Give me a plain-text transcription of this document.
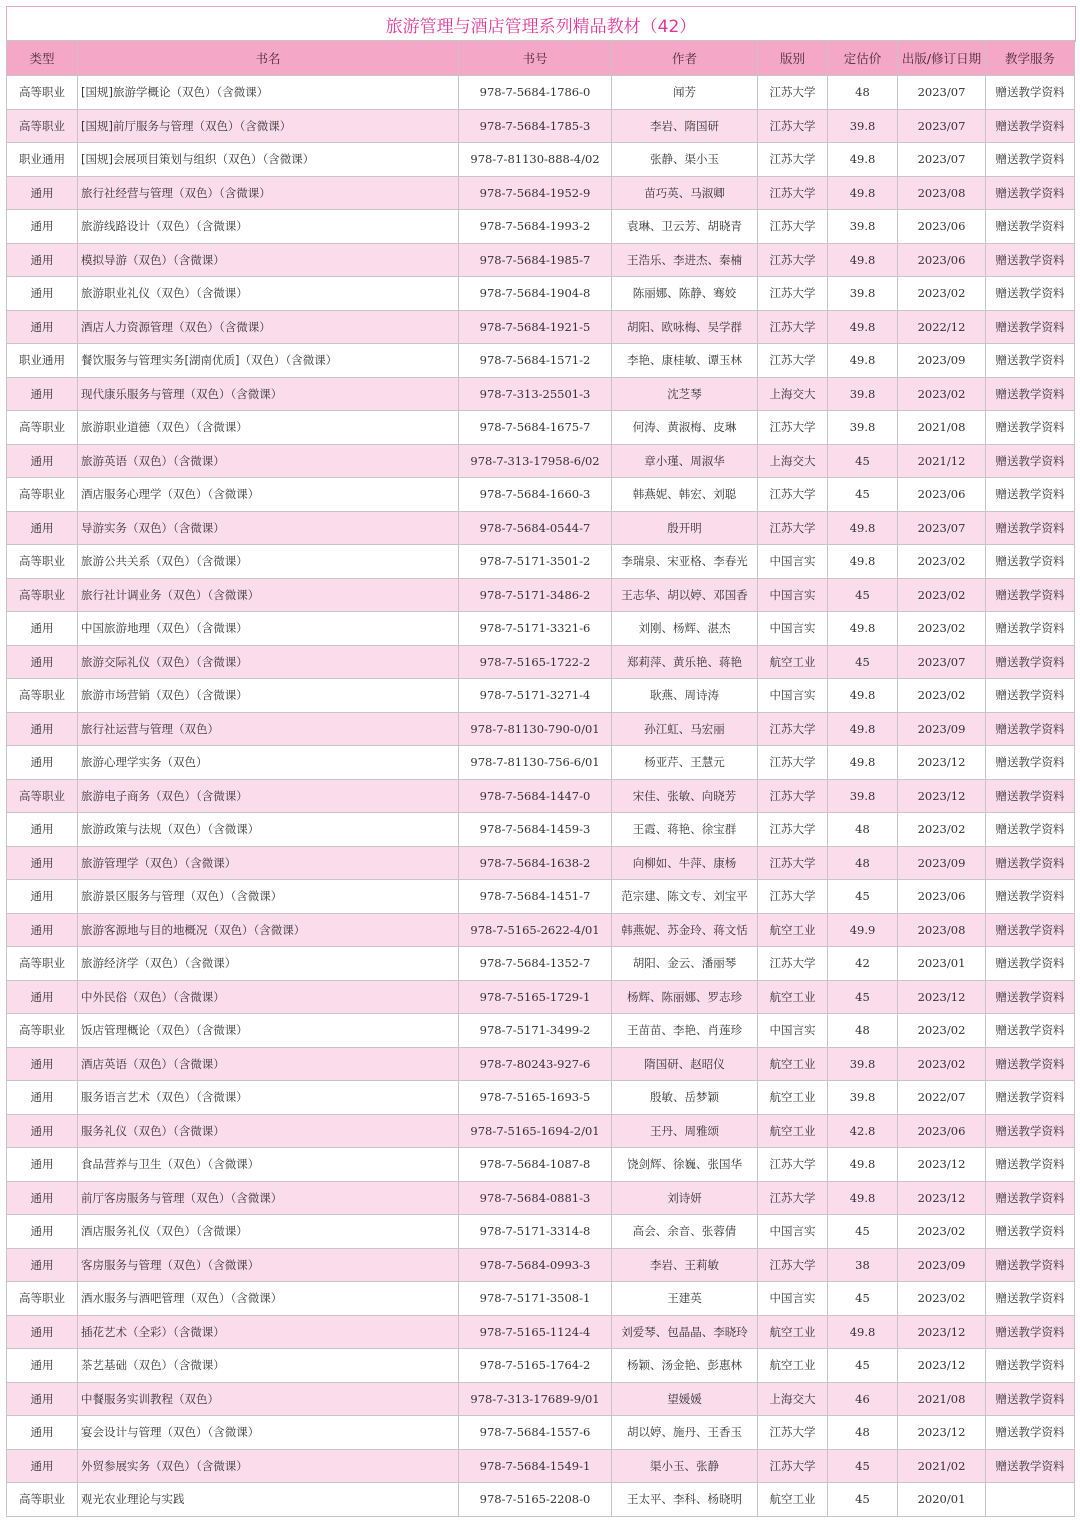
旅游管理与酒店管理系列精品教材（42）
类型	书名	书号	作者	版别	定估价	出版/修订日期	教学服务
高等职业	[国规]旅游学概论（双色）（含微课）	978-7-5684-1786-0	闻芳	江苏大学	48	2023/07	赠送教学资料
高等职业	[国规]前厅服务与管理（双色）（含微课）	978-7-5684-1785-3	李岩、隋国研	江苏大学	39.8	2023/07	赠送教学资料
职业通用	[国规]会展项目策划与组织（双色）（含微课）	978-7-81130-888-4/02	张静、渠小玉	江苏大学	49.8	2023/07	赠送教学资料
通用	旅行社经营与管理（双色）（含微课）	978-7-5684-1952-9	苗巧英、马淑卿	江苏大学	49.8	2023/08	赠送教学资料
通用	旅游线路设计（双色）（含微课）	978-7-5684-1993-2	袁琳、卫云芳、胡晓青	江苏大学	39.8	2023/06	赠送教学资料
通用	模拟导游（双色）（含微课）	978-7-5684-1985-7	王浩乐、李进杰、秦楠	江苏大学	49.8	2023/06	赠送教学资料
通用	旅游职业礼仪（双色）（含微课）	978-7-5684-1904-8	陈丽娜、陈静、骞姣	江苏大学	39.8	2023/02	赠送教学资料
通用	酒店人力资源管理（双色）（含微课）	978-7-5684-1921-5	胡阳、欧咏梅、吴学群	江苏大学	49.8	2022/12	赠送教学资料
职业通用	餐饮服务与管理实务[湖南优质]（双色）（含微课）	978-7-5684-1571-2	李艳、康桂敏、谭玉林	江苏大学	49.8	2023/09	赠送教学资料
通用	现代康乐服务与管理（双色）（含微课）	978-7-313-25501-3	沈芝琴	上海交大	39.8	2023/02	赠送教学资料
高等职业	旅游职业道德（双色）（含微课）	978-7-5684-1675-7	何涛、黄淑梅、皮琳	江苏大学	39.8	2021/08	赠送教学资料
通用	旅游英语（双色）（含微课）	978-7-313-17958-6/02	章小瑾、周淑华	上海交大	45	2021/12	赠送教学资料
高等职业	酒店服务心理学（双色）（含微课）	978-7-5684-1660-3	韩燕妮、韩宏、刘聪	江苏大学	45	2023/06	赠送教学资料
通用	导游实务（双色）（含微课）	978-7-5684-0544-7	殷开明	江苏大学	49.8	2023/07	赠送教学资料
高等职业	旅游公共关系（双色）（含微课）	978-7-5171-3501-2	李瑞泉、宋亚格、李春光	中国言实	49.8	2023/02	赠送教学资料
高等职业	旅行社计调业务（双色）（含微课）	978-7-5171-3486-2	王志华、胡以婷、邓国香	中国言实	45	2023/02	赠送教学资料
通用	中国旅游地理（双色）（含微课）	978-7-5171-3321-6	刘刚、杨辉、湛杰	中国言实	49.8	2023/02	赠送教学资料
通用	旅游交际礼仪（双色）（含微课）	978-7-5165-1722-2	郑莉萍、黄乐艳、蒋艳	航空工业	45	2023/07	赠送教学资料
高等职业	旅游市场营销（双色）（含微课）	978-7-5171-3271-4	耿燕、周诗涛	中国言实	49.8	2023/02	赠送教学资料
通用	旅行社运营与管理（双色）	978-7-81130-790-0/01	孙江虹、马宏丽	江苏大学	49.8	2023/09	赠送教学资料
通用	旅游心理学实务（双色）	978-7-81130-756-6/01	杨亚芹、王慧元	江苏大学	49.8	2023/12	赠送教学资料
高等职业	旅游电子商务（双色）（含微课）	978-7-5684-1447-0	宋佳、张敏、向晓芳	江苏大学	39.8	2023/12	赠送教学资料
通用	旅游政策与法规（双色）（含微课）	978-7-5684-1459-3	王霞、蒋艳、徐宝群	江苏大学	48	2023/02	赠送教学资料
通用	旅游管理学（双色）（含微课）	978-7-5684-1638-2	向柳如、牛萍、康杨	江苏大学	48	2023/09	赠送教学资料
通用	旅游景区服务与管理（双色）（含微课）	978-7-5684-1451-7	范宗建、陈文专、刘宝平	江苏大学	45	2023/06	赠送教学资料
通用	旅游客源地与目的地概况（双色）（含微课）	978-7-5165-2622-4/01	韩燕妮、苏金玲、蒋文恬	航空工业	49.9	2023/08	赠送教学资料
高等职业	旅游经济学（双色）（含微课）	978-7-5684-1352-7	胡阳、金云、潘丽琴	江苏大学	42	2023/01	赠送教学资料
通用	中外民俗（双色）（含微课）	978-7-5165-1729-1	杨辉、陈丽娜、罗志珍	航空工业	45	2023/12	赠送教学资料
高等职业	饭店管理概论（双色）（含微课）	978-7-5171-3499-2	王苗苗、李艳、肖莲珍	中国言实	48	2023/02	赠送教学资料
通用	酒店英语（双色）（含微课）	978-7-80243-927-6	隋国研、赵昭仪	航空工业	39.8	2023/02	赠送教学资料
通用	服务语言艺术（双色）（含微课）	978-7-5165-1693-5	殷敏、岳梦颖	航空工业	39.8	2022/07	赠送教学资料
通用	服务礼仪（双色）（含微课）	978-7-5165-1694-2/01	王丹、周雅颂	航空工业	42.8	2023/06	赠送教学资料
通用	食品营养与卫生（双色）（含微课）	978-7-5684-1087-8	饶剑辉、徐巍、张国华	江苏大学	49.8	2023/12	赠送教学资料
通用	前厅客房服务与管理（双色）（含微课）	978-7-5684-0881-3	刘诗妍	江苏大学	49.8	2023/12	赠送教学资料
通用	酒店服务礼仪（双色）（含微课）	978-7-5171-3314-8	高会、余音、张蓉倩	中国言实	45	2023/02	赠送教学资料
通用	客房服务与管理（双色）（含微课）	978-7-5684-0993-3	李岩、王莉敏	江苏大学	38	2023/09	赠送教学资料
高等职业	酒水服务与酒吧管理（双色）（含微课）	978-7-5171-3508-1	王建英	中国言实	45	2023/02	赠送教学资料
通用	插花艺术（全彩）（含微课）	978-7-5165-1124-4	刘爱琴、包晶晶、李晓玲	航空工业	49.8	2023/12	赠送教学资料
通用	茶艺基础（双色）（含微课）	978-7-5165-1764-2	杨颖、汤金艳、彭惠林	航空工业	45	2023/12	赠送教学资料
通用	中餐服务实训教程（双色）	978-7-313-17689-9/01	望媛媛	上海交大	46	2021/08	赠送教学资料
通用	宴会设计与管理（双色）（含微课）	978-7-5684-1557-6	胡以婷、施丹、王香玉	江苏大学	48	2023/12	赠送教学资料
通用	外贸参展实务（双色）（含微课）	978-7-5684-1549-1	渠小玉、张静	江苏大学	45	2021/02	赠送教学资料
高等职业	观光农业理论与实践	978-7-5165-2208-0	王太平、李科、杨晓明	航空工业	45	2020/01	
